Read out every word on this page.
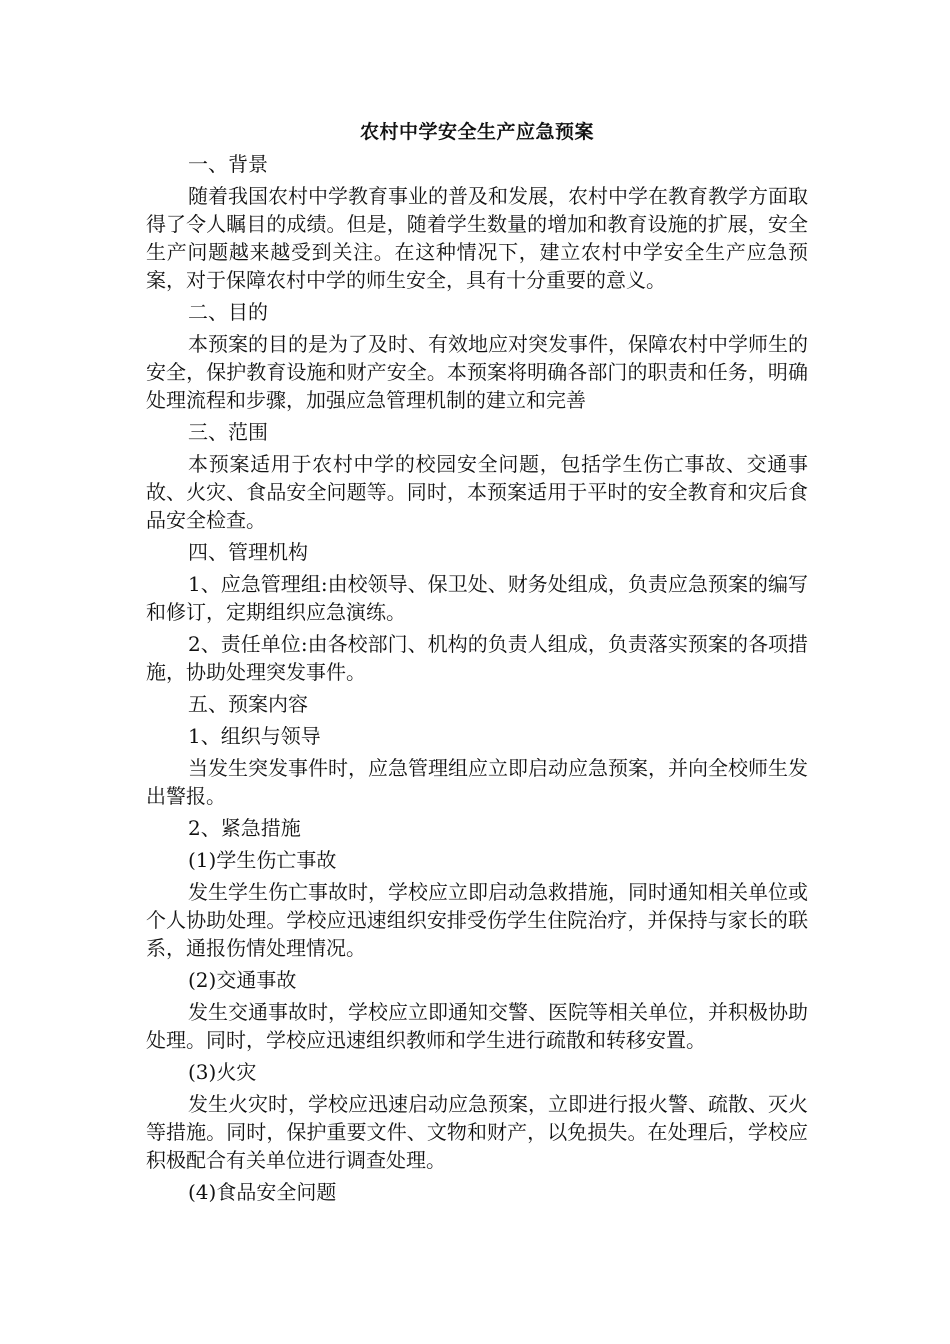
农村中学安全生产应急预案

一、背景

随着我国农村中学教育事业的普及和发展，农村中学在教育教学方面取得了令人瞩目的成绩。但是，随着学生数量的增加和教育设施的扩展，安全生产问题越来越受到关注。在这种情况下，建立农村中学安全生产应急预案，对于保障农村中学的师生安全，具有十分重要的意义。

二、目的

本预案的目的是为了及时、有效地应对突发事件，保障农村中学师生的安全，保护教育设施和财产安全。本预案将明确各部门的职责和任务，明确处理流程和步骤，加强应急管理机制的建立和完善

三、范围

本预案适用于农村中学的校园安全问题，包括学生伤亡事故、交通事故、火灾、食品安全问题等。同时，本预案适用于平时的安全教育和灾后食品安全检查。

四、管理机构

1、应急管理组:由校领导、保卫处、财务处组成，负责应急预案的编写和修订，定期组织应急演练。

2、责任单位:由各校部门、机构的负责人组成，负责落实预案的各项措施，协助处理突发事件。

五、预案内容

1、组织与领导

当发生突发事件时，应急管理组应立即启动应急预案，并向全校师生发出警报。

2、紧急措施

(1)学生伤亡事故

发生学生伤亡事故时，学校应立即启动急救措施，同时通知相关单位或个人协助处理。学校应迅速组织安排受伤学生住院治疗，并保持与家长的联系，通报伤情处理情况。

(2)交通事故

发生交通事故时，学校应立即通知交警、医院等相关单位，并积极协助处理。同时，学校应迅速组织教师和学生进行疏散和转移安置。

(3)火灾

发生火灾时，学校应迅速启动应急预案，立即进行报火警、疏散、灭火等措施。同时，保护重要文件、文物和财产，以免损失。在处理后，学校应积极配合有关单位进行调查处理。

(4)食品安全问题
